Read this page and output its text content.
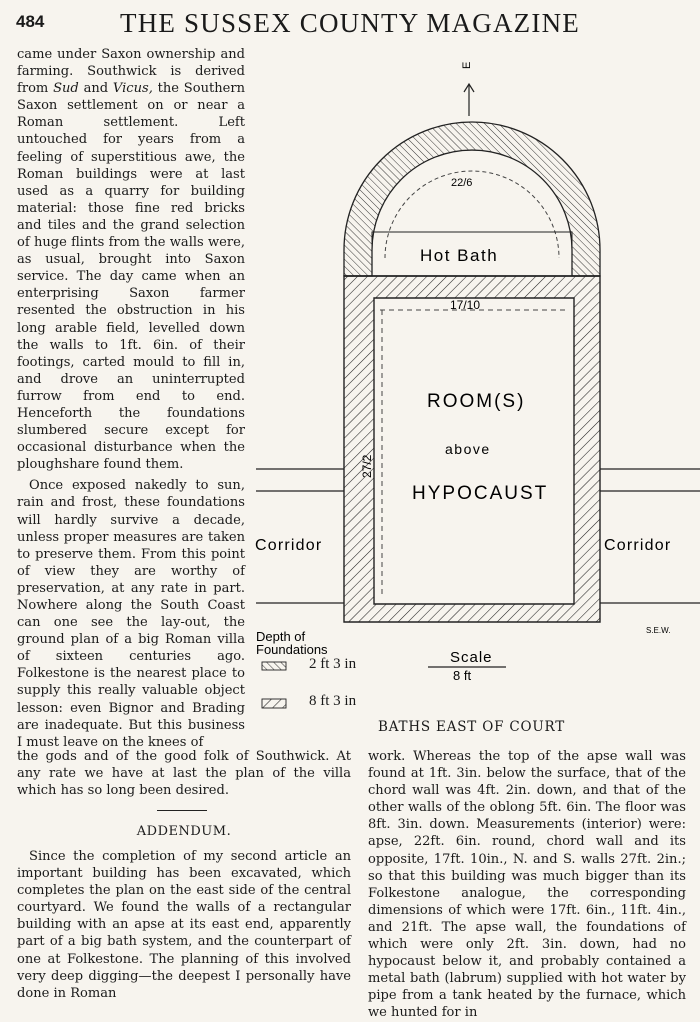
484	THE SUSSEX COUNTY MAGAZINE

came under Saxon ownership and farming. Southwick is derived from Sud and Vicus, the Southern Saxon settlement on or near a Roman settlement. Left untouched for years from a feeling of superstitious awe, the Roman buildings were at last used as a quarry for building material: those fine red bricks and tiles and the grand selection of huge flints from the walls were, as usual, brought into Saxon service. The day came when an enterprising Saxon farmer resented the obstruction in his long arable field, levelled down the walls to 1ft. 6in. of their footings, carted mould to fill in, and drove an uninterrupted furrow from end to end. Henceforth the foundations slumbered secure except for occasional disturbance when the ploughshare found them.

Once exposed nakedly to sun, rain and frost, these foundations will hardly survive a decade, unless proper measures are taken to preserve them. From this point of view they are worthy of preservation, at any rate in part. Nowhere along the South Coast can one see the lay-out, the ground plan of a big Roman villa of sixteen centuries ago. Folkestone is the nearest place to supply this really valuable object lesson: even Bignor and Brading are inadequate. But this business I must leave on the knees of

the gods and of the good folk of Southwick. At any rate we have at last the plan of the villa which has so long been desired.
ADDENDUM.

Since the completion of my second article an important building has been excavated, which completes the plan on the east side of the central courtyard. We found the walls of a rectangular building with an apse at its east end, apparently part of a big bath system, and the counterpart of one at Folkestone. The planning of this involved very deep digging—the deepest I personally have done in Roman

work. Whereas the top of the apse wall was found at 1ft. 3in. below the surface, that of the chord wall was 4ft. 2in. down, and that of the other walls of the oblong 5ft. 6in. The floor was 8ft. 3in. down. Measurements (interior) were: apse, 22ft. 6in. round, chord wall and its opposite, 17ft. 10in., N. and S. walls 27ft. 2in.; so that this building was much bigger than its Folkestone analogue, the corresponding dimensions of which were 17ft. 6in., 11ft. 4in., and 21ft. The apse wall, the foundations of which were only 2ft. 3in. down, had no hypocaust below it, and probably contained a metal bath (labrum) supplied with hot water by pipe from a tank heated by the furnace, which we hunted for in

BATHS EAST OF COURT
E
Hot Bath
22/6
17/10
27/2
ROOM(S)
above
HYPOCAUST
Corridor	Corridor
S.E.W.
Depth of
Foundations	Scale
8 ft
2 ft 3 in
8 ft 3 in
